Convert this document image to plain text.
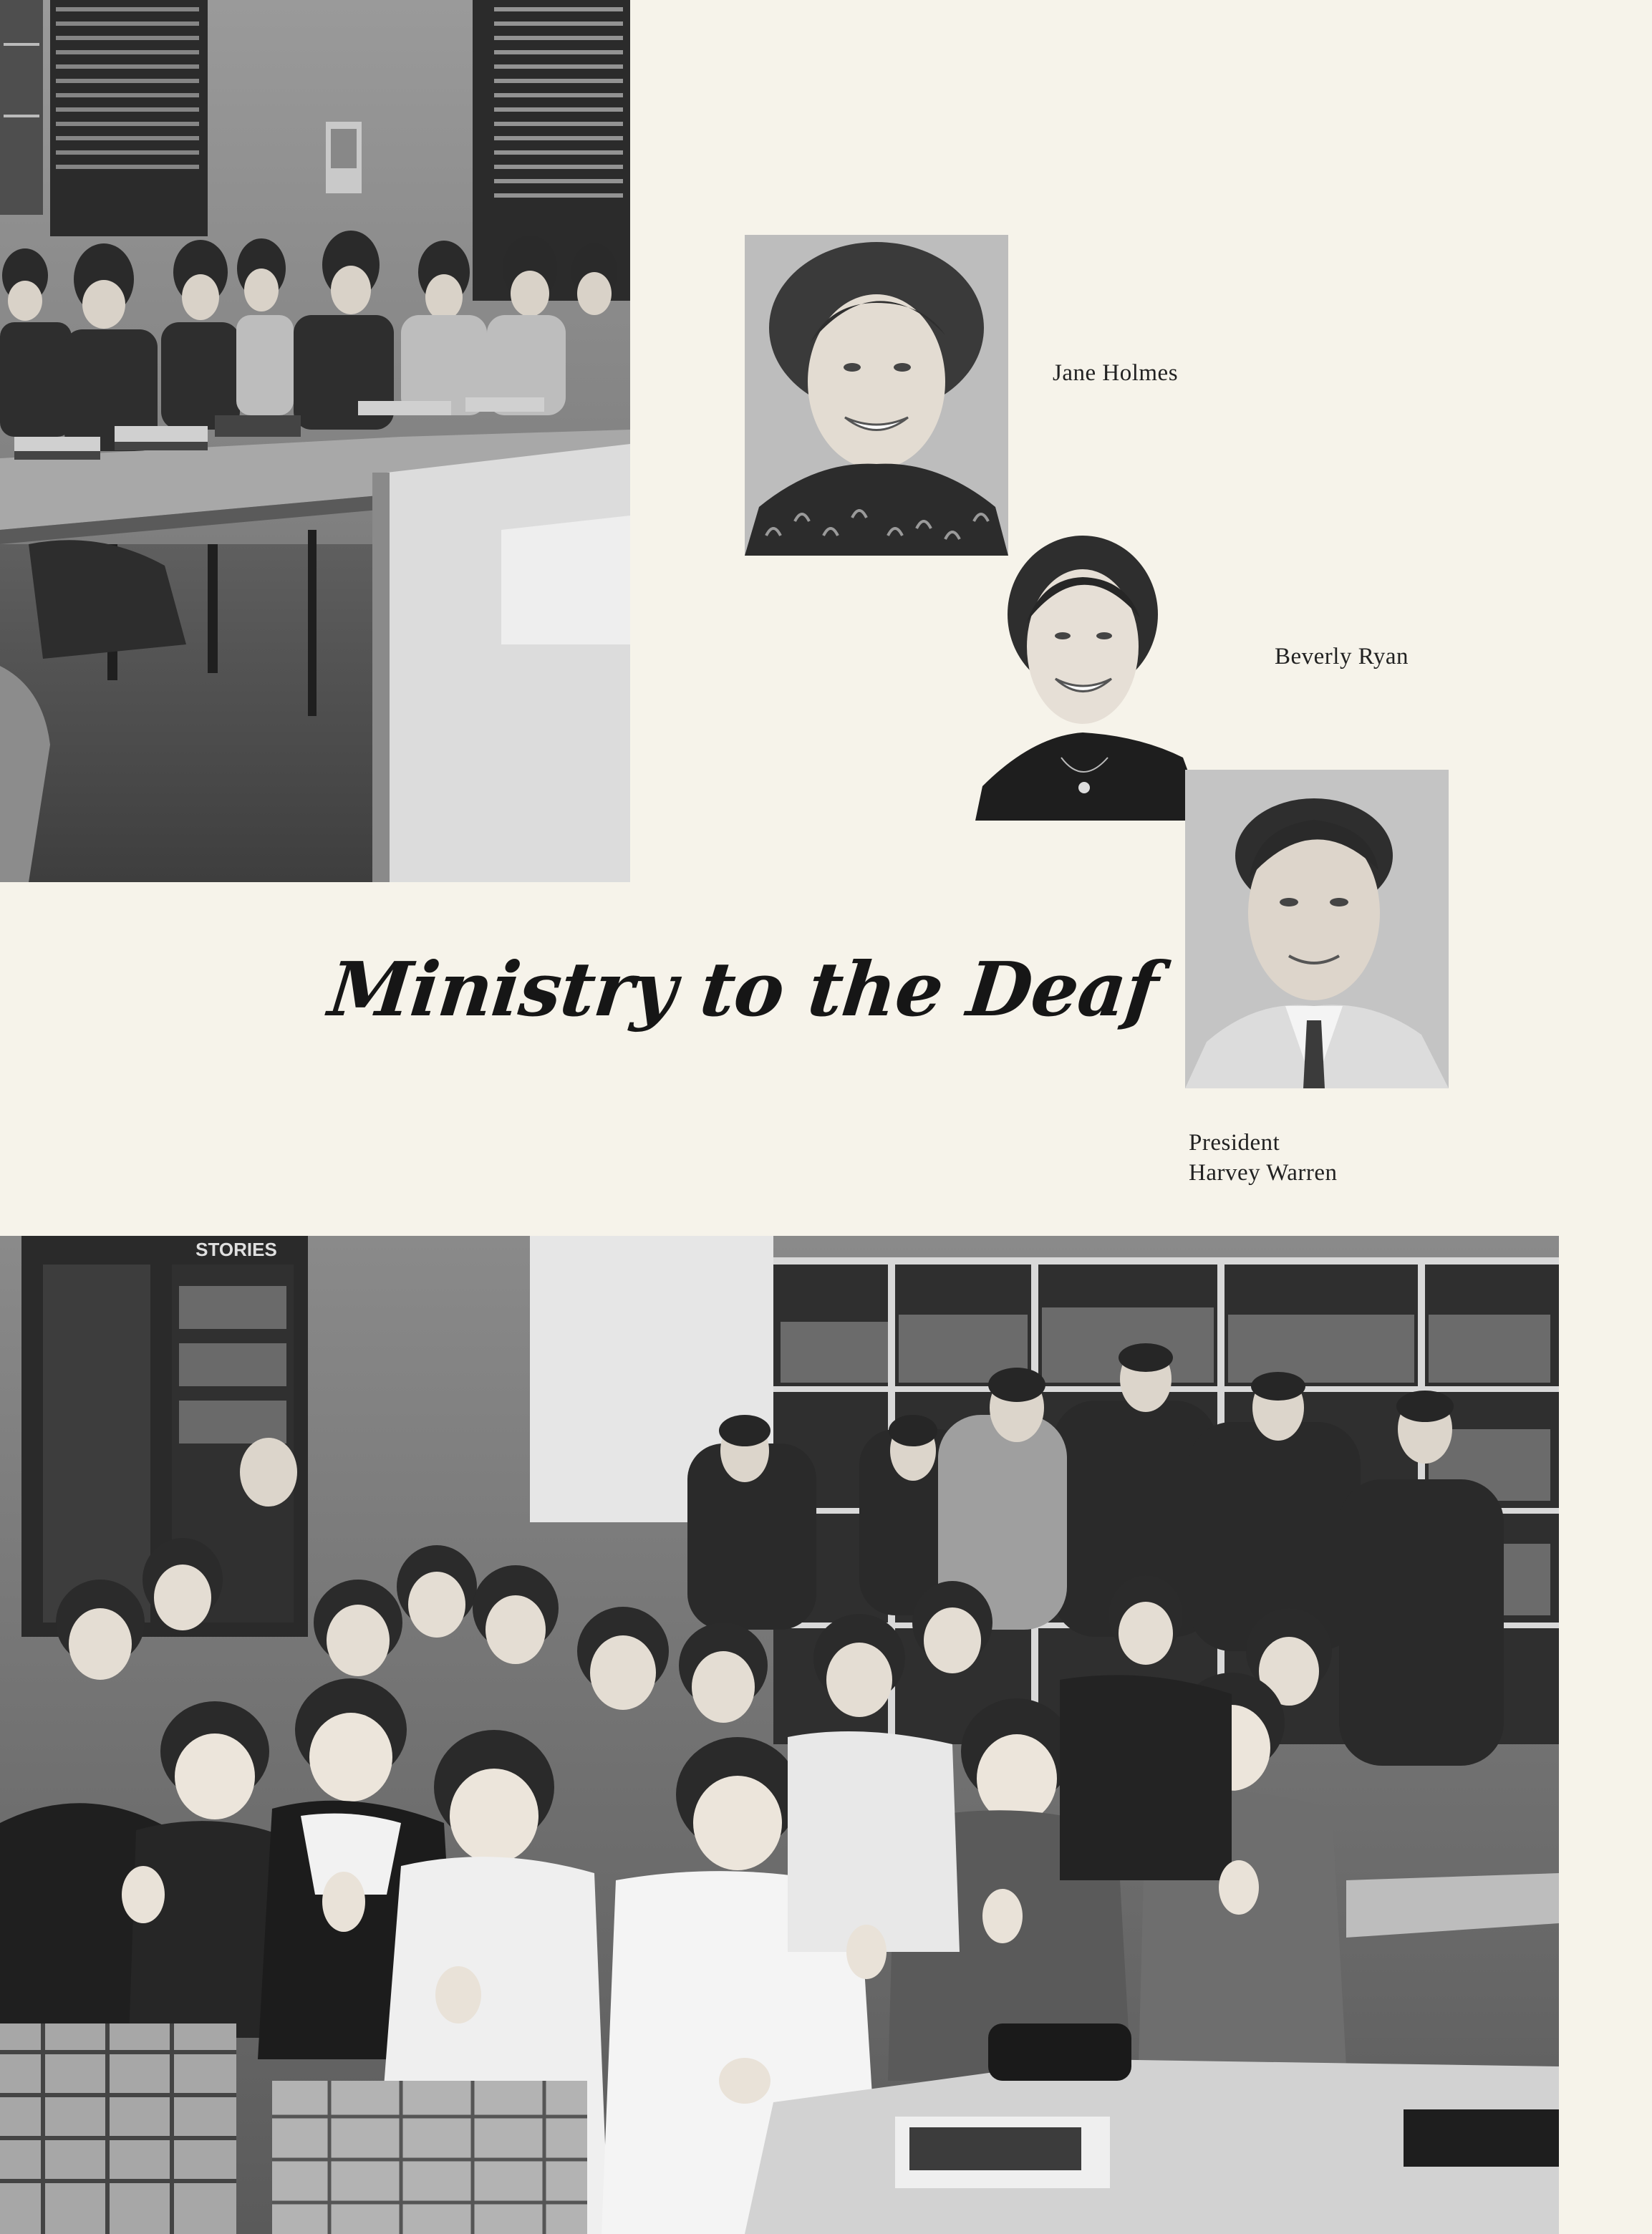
Jane Holmes
Beverly Ryan
President
Harvey Warren
Ministry to the Deaf
STORIES
